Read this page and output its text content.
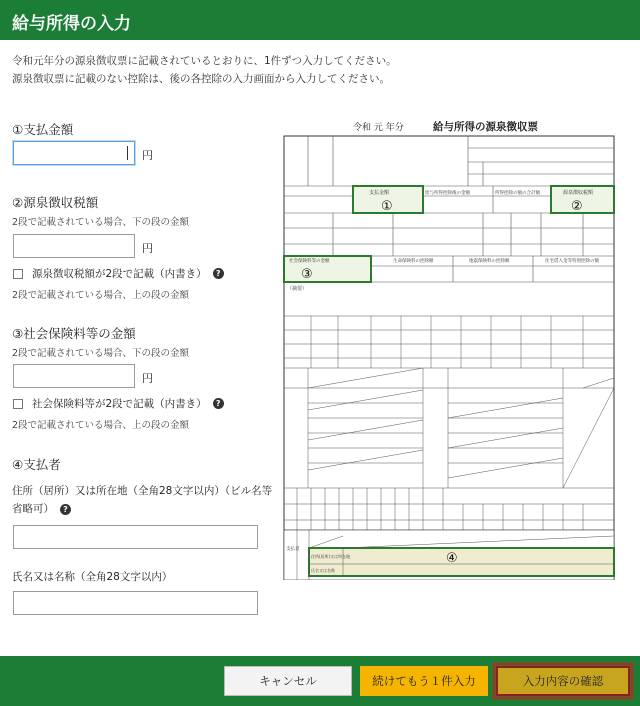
給与所得の入力
令和元年分の源泉徴収票に記載されているとおりに、1件ずつ入力してください。
源泉徴収票に記載のない控除は、後の各控除の入力画面から入力してください。
①支払金額
円
②源泉徴収税額
2段で記載されている場合、下の段の金額
円
源泉徴収税額が2段で記載（内書き）	?
2段で記載されている場合、上の段の金額
③社会保険料等の金額
2段で記載されている場合、下の段の金額
円
社会保険料等が2段で記載（内書き）	?
2段で記載されている場合、上の段の金額
④支払者
住所（居所）又は所在地（全角28文字以内）（ビル名等
省略可） ?
氏名又は名称（全角28文字以内）
令和 元 年分	給与所得の源泉徴収票
支払金額	給与所得控除後の金額	所得控除の額の合計額	源泉徴収税額
①	②
社会保険料等の金額	生命保険料の控除額	地震保険料の控除額	住宅借入金等特別控除の額
③
（摘要）
支払者
住所(居所)又は所在地
氏名又は名称
④
キャンセル	続けてもう１件入力	入力内容の確認
